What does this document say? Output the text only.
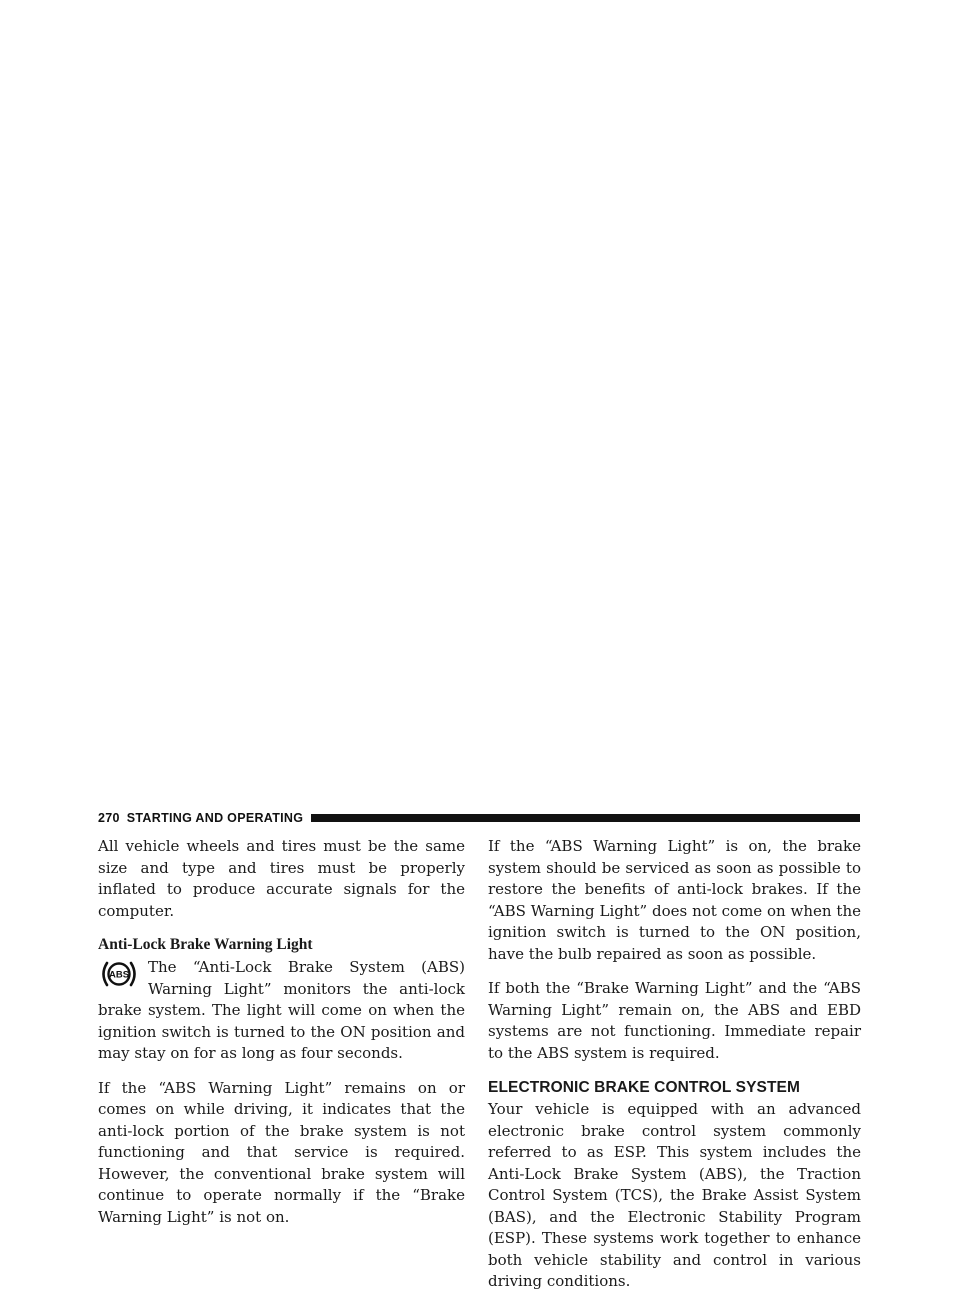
270 STARTING AND OPERATING

All vehicle wheels and tires must be the same size and type and tires must be properly inflated to produce accurate signals for the computer.

Anti-Lock Brake Warning Light

ABS The “Anti-Lock Brake System (ABS) Warning Light” monitors the anti-lock brake system. The light will come on when the ignition switch is turned to the ON position and may stay on for as long as four seconds.

If the “ABS Warning Light” remains on or comes on while driving, it indicates that the anti-lock portion of the brake system is not functioning and that service is required. However, the conventional brake system will continue to operate normally if the “Brake Warning Light” is not on.

If the “ABS Warning Light” is on, the brake system should be serviced as soon as possible to restore the benefits of anti-lock brakes. If the “ABS Warning Light” does not come on when the ignition switch is turned to the ON position, have the bulb repaired as soon as possible.

If both the “Brake Warning Light” and the “ABS Warning Light” remain on, the ABS and EBD systems are not functioning. Immediate repair to the ABS system is required.

ELECTRONIC BRAKE CONTROL SYSTEM

Your vehicle is equipped with an advanced electronic brake control system commonly referred to as ESP. This system includes the Anti-Lock Brake System (ABS), the Traction Control System (TCS), the Brake Assist System (BAS), and the Electronic Stability Program (ESP). These systems work together to enhance both vehicle stability and control in various driving conditions.
